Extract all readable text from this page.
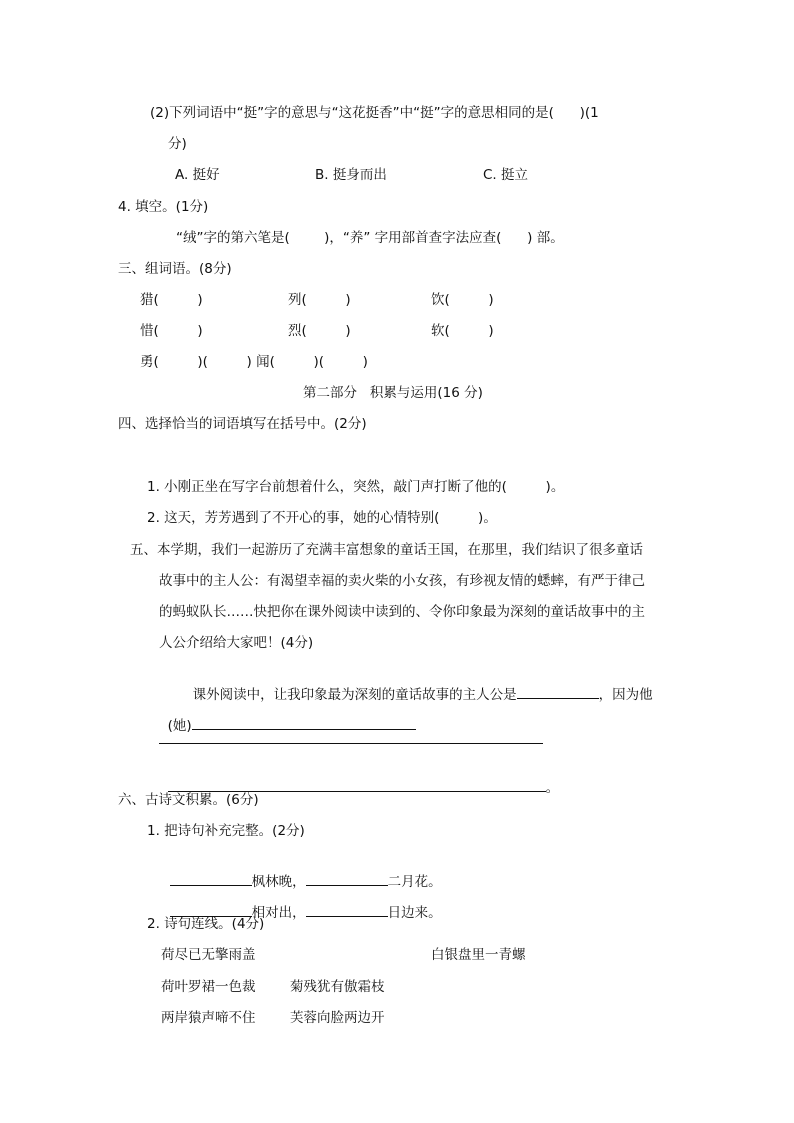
(2)下列词语中“挺”字的意思与“这花挺香”中“挺”字的意思相同的是(      )(1
分)
A. 挺好	B. 挺身而出	C. 挺立
4. 填空。(1分)
“绒”字的第六笔是(        )，“养” 字用部首查字法应查(      ) 部。
三、组词语。(8分)
猎(         )	列(         )	饮(         )
惜(         )	烈(         )	软(         )
勇(         )(         ) 闻(         )(         )
第二部分   积累与运用(16 分)
四、选择恰当的词语填写在括号中。(2分)
1. 小刚正坐在写字台前想着什么，突然，敲门声打断了他的(         )。
2. 这天，芳芳遇到了不开心的事，她的心情特别(         )。
五、本学期，我们一起游历了充满丰富想象的童话王国，在那里，我们结识了很多童话
故事中的主人公：有渴望幸福的卖火柴的小女孩，有珍视友情的蟋蟀，有严于律己
的蚂蚁队长……快把你在课外阅读中读到的、令你印象最为深刻的童话故事中的主
人公介绍给大家吧！(4分)

课外阅读中，让我印象最为深刻的童话故事的主人公是	，因为他

(她)

。

六、古诗文积累。(6分)
1. 把诗句补充完整。(2分)

枫林晚，	二月花。

相对出，	日边来。

2. 诗句连线。(4分)
荷尽已无擎雨盖	白银盘里一青螺
荷叶罗裙一色裁	菊残犹有傲霜枝
两岸猿声啼不住	芙蓉向脸两边开
